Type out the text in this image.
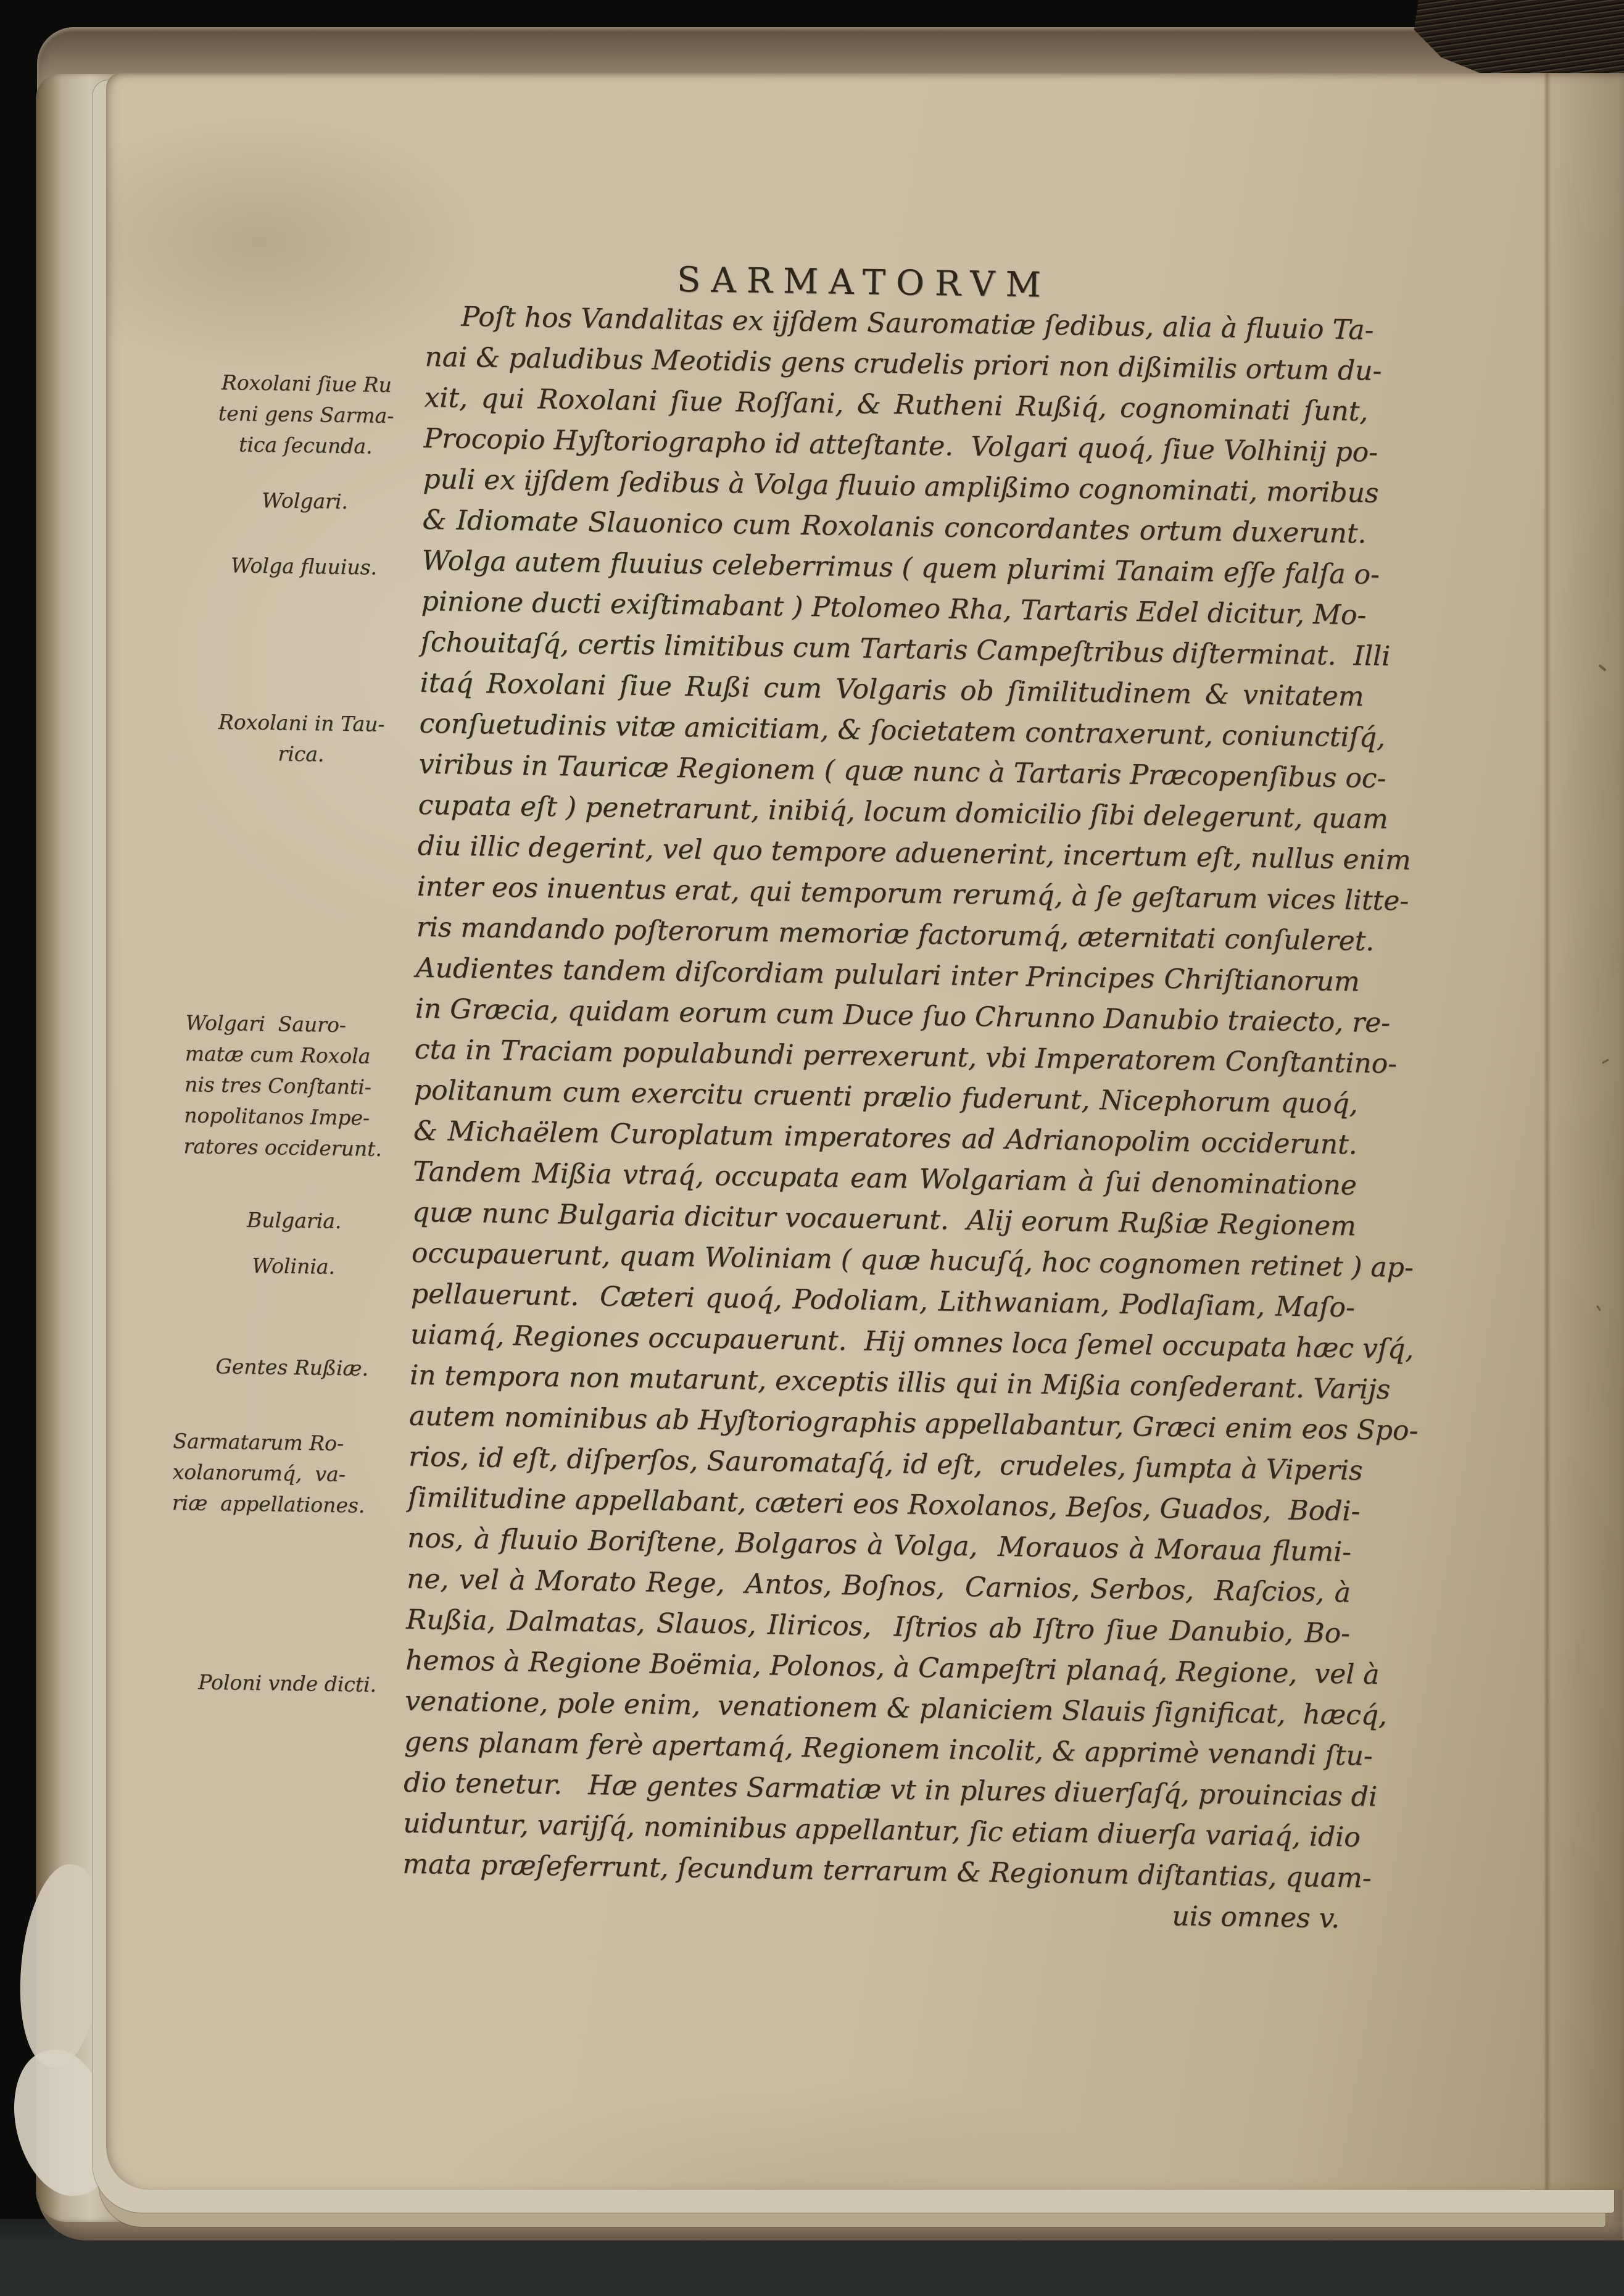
Roxolani ſiue Ru
teni gens Sarma-
tica ſecunda.
Wolgari.
Wolga fluuius.
Roxolani in Tau-
rica.
Wolgari  Sauro-
matæ cum Roxola
nis tres Conſtanti-
nopolitanos Impe-
ratores occiderunt.
Bulgaria.
Wolinia.
Gentes Rußiæ.
Sarmatarum Ro-
xolanorumq́,  va-
riæ  appellationes.
Poloni vnde dicti.
SARMATORVM
Poſt hos Vandalitas ex ijſdem Sauromatiæ ſedibus, alia à fluuio Ta-
nai & paludibus Meotidis gens crudelis priori non dißimilis ortum du-
xit, qui Roxolani ſiue Roſſani, & Rutheni Rußiq́, cognominati ſunt,
Procopio Hyſtoriographo id atteſtante.  Volgari quoq́, ſiue Volhinij po-
puli ex ijſdem ſedibus à Volga fluuio amplißimo cognominati, moribus
& Idiomate Slauonico cum Roxolanis concordantes ortum duxerunt.
Wolga autem fluuius celeberrimus ( quem plurimi Tanaim eſſe falſa o-
pinione ducti exiſtimabant ) Ptolomeo Rha, Tartaris Edel dicitur, Mo-
ſchouitaſq́, certis limitibus cum Tartaris Campeſtribus diſterminat.  Illi
itaq́ Roxolani ſiue Rußi cum Volgaris ob ſimilitudinem & vnitatem
conſuetudinis vitæ amicitiam, & ſocietatem contraxerunt, coniunctiſq́,
viribus in Tauricæ Regionem ( quæ nunc à Tartaris Præcopenſibus oc-
cupata eſt ) penetrarunt, inibiq́, locum domicilio ſibi delegerunt, quam
diu illic degerint, vel quo tempore aduenerint, incertum eſt, nullus enim
inter eos inuentus erat, qui temporum rerumq́, à ſe geſtarum vices litte-
ris mandando poſterorum memoriæ factorumq́, æternitati conſuleret.
Audientes tandem diſcordiam pululari inter Principes Chriſtianorum
in Græcia, quidam eorum cum Duce ſuo Chrunno Danubio traiecto, re-
cta in Traciam populabundi perrexerunt, vbi Imperatorem Conſtantino-
politanum cum exercitu cruenti prælio fuderunt, Nicephorum quoq́,
& Michaëlem Curoplatum imperatores ad Adrianopolim occiderunt.
Tandem Mißia vtraq́, occupata eam Wolgariam à ſui denominatione
quæ nunc Bulgaria dicitur vocauerunt.  Alij eorum Rußiæ Regionem
occupauerunt, quam Woliniam ( quæ hucuſq́, hoc cognomen retinet ) ap-
pellauerunt.  Cæteri quoq́, Podoliam, Lithwaniam, Podlaſiam, Maſo-
uiamq́, Regiones occupauerunt.  Hij omnes loca ſemel occupata hæc vſq́,
in tempora non mutarunt, exceptis illis qui in Mißia conſederant. Varijs
autem nominibus ab Hyſtoriographis appellabantur, Græci enim eos Spo-
rios, id eſt, diſperſos, Sauromataſq́, id eſt,  crudeles, ſumpta à Viperis
ſimilitudine appellabant, cæteri eos Roxolanos, Beſos, Guados,  Bodi-
nos, à fluuio Boriſtene, Bolgaros à Volga,  Morauos à Moraua flumi-
ne, vel à Morato Rege,  Antos, Boſnos,  Carnios, Serbos,  Raſcios, à
Rußia, Dalmatas, Slauos, Iliricos,  Iſtrios ab Iſtro ſiue Danubio, Bo-
hemos à Regione Boëmia, Polonos, à Campeſtri planaq́, Regione,  vel à
venatione, pole enim,  venationem & planiciem Slauis ſignificat,  hæcq́,
gens planam ferè apertamq́, Regionem incolit, & apprimè venandi ſtu-
dio tenetur.   Hæ gentes Sarmatiæ vt in plures diuerſaſq́, prouincias di
uiduntur, varijſq́, nominibus appellantur, ſic etiam diuerſa variaq́, idio
mata præſeferrunt, ſecundum terrarum & Regionum diſtantias, quam-
uis omnes v.
